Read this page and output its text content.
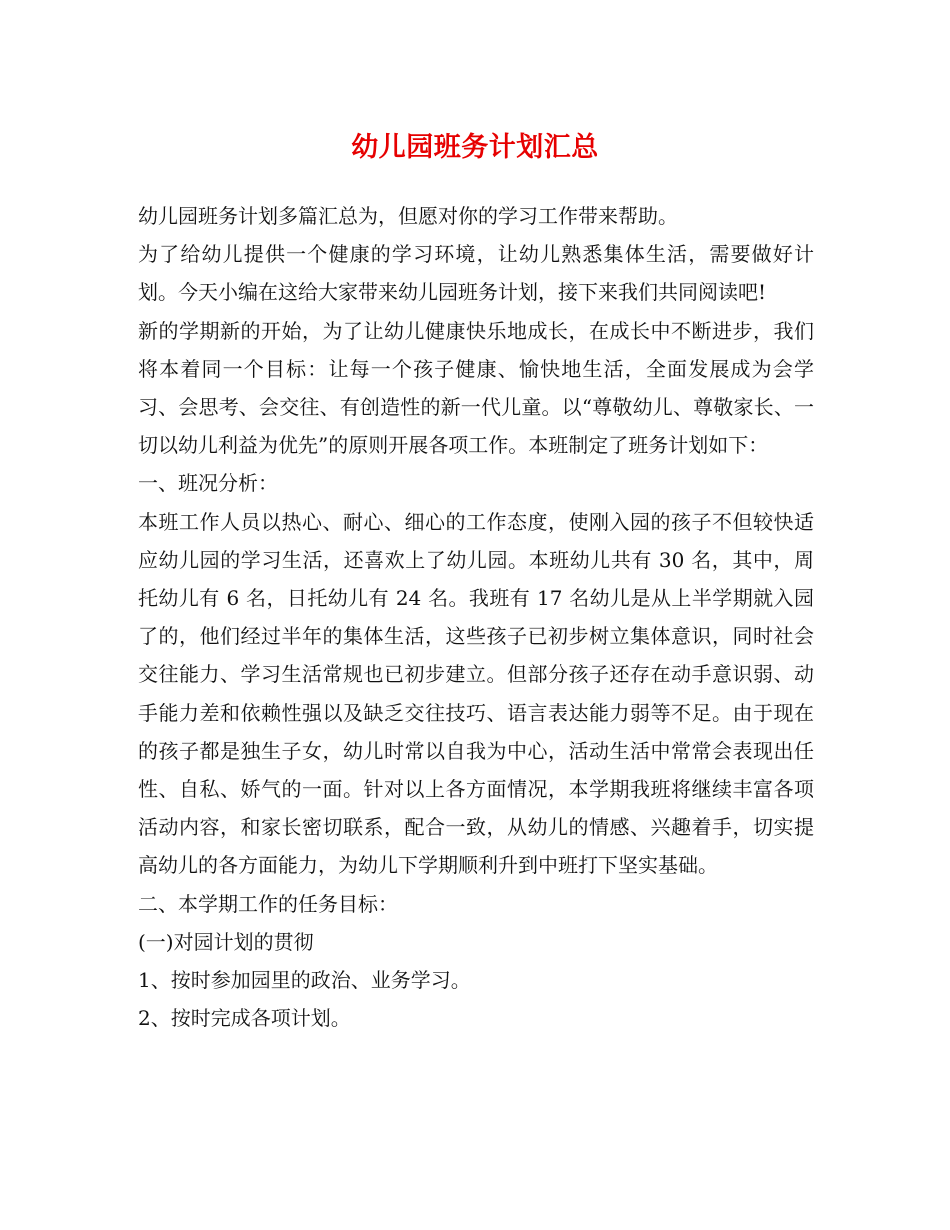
幼儿园班务计划汇总

幼儿园班务计划多篇汇总为，但愿对你的学习工作带来帮助。

为了给幼儿提供一个健康的学习环境，让幼儿熟悉集体生活，需要做好计划。今天小编在这给大家带来幼儿园班务计划，接下来我们共同阅读吧!

新的学期新的开始，为了让幼儿健康快乐地成长，在成长中不断进步，我们将本着同一个目标：让每一个孩子健康、愉快地生活，全面发展成为会学习、会思考、会交往、有创造性的新一代儿童。以“尊敬幼儿、尊敬家长、一切以幼儿利益为优先”的原则开展各项工作。本班制定了班务计划如下：

一、班况分析：

本班工作人员以热心、耐心、细心的工作态度，使刚入园的孩子不但较快适应幼儿园的学习生活，还喜欢上了幼儿园。本班幼儿共有 30 名，其中，周托幼儿有 6 名，日托幼儿有 24 名。我班有 17 名幼儿是从上半学期就入园了的，他们经过半年的集体生活，这些孩子已初步树立集体意识，同时社会交往能力、学习生活常规也已初步建立。但部分孩子还存在动手意识弱、动手能力差和依赖性强以及缺乏交往技巧、语言表达能力弱等不足。由于现在的孩子都是独生子女，幼儿时常以自我为中心，活动生活中常常会表现出任性、自私、娇气的一面。针对以上各方面情况，本学期我班将继续丰富各项活动内容，和家长密切联系，配合一致，从幼儿的情感、兴趣着手，切实提高幼儿的各方面能力，为幼儿下学期顺利升到中班打下坚实基础。

二、本学期工作的任务目标：

(一)对园计划的贯彻

1、按时参加园里的政治、业务学习。

2、按时完成各项计划。
